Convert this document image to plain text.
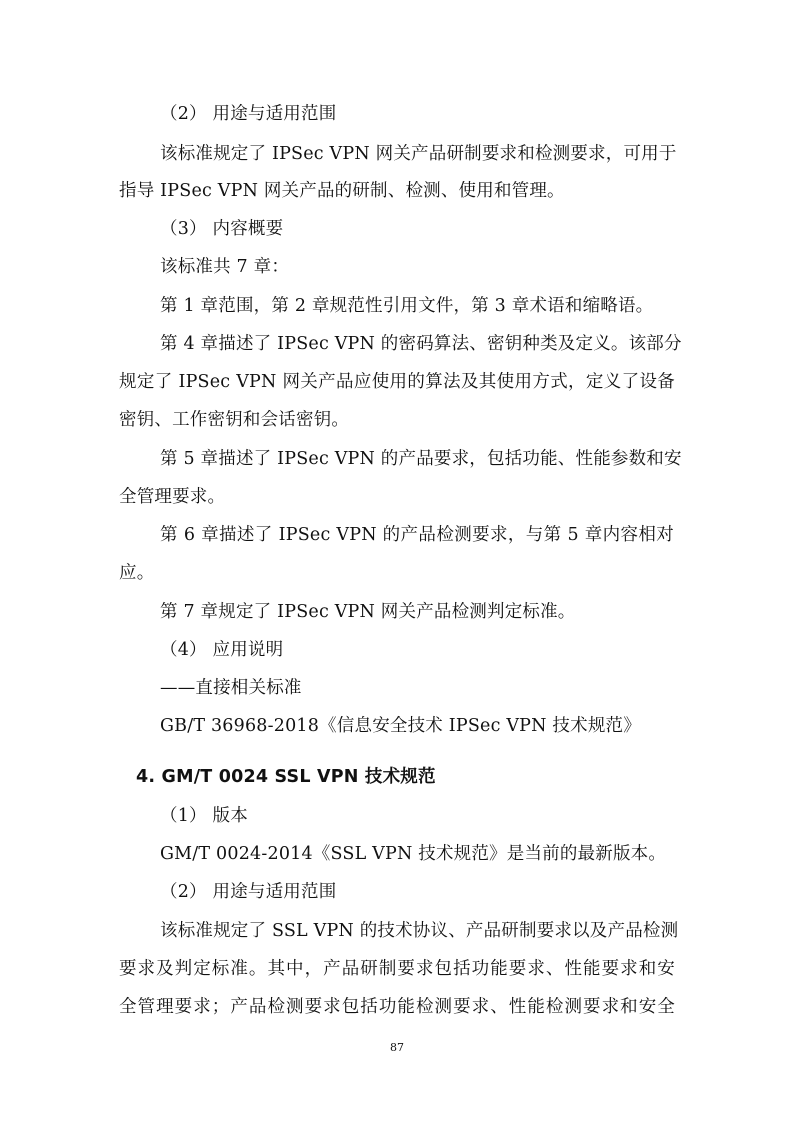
（2） 用途与适用范围
该标准规定了 IPSec VPN 网关产品研制要求和检测要求，可用于
指导 IPSec VPN 网关产品的研制、检测、使用和管理。
（3） 内容概要
该标准共 7 章：
第 1 章范围，第 2 章规范性引用文件，第 3 章术语和缩略语。
第 4 章描述了 IPSec VPN 的密码算法、密钥种类及定义。该部分
规定了 IPSec VPN 网关产品应使用的算法及其使用方式，定义了设备
密钥、工作密钥和会话密钥。
第 5 章描述了 IPSec VPN 的产品要求，包括功能、性能参数和安
全管理要求。
第 6 章描述了 IPSec VPN 的产品检测要求，与第 5 章内容相对
应。
第 7 章规定了 IPSec VPN 网关产品检测判定标准。
（4） 应用说明
——直接相关标准
GB/T 36968-2018《信息安全技术 IPSec VPN 技术规范》
4. GM/T 0024 SSL VPN 技术规范
（1） 版本
GM/T 0024-2014《SSL VPN 技术规范》是当前的最新版本。
（2） 用途与适用范围
该标准规定了 SSL VPN 的技术协议、产品研制要求以及产品检测
要求及判定标准。其中，产品研制要求包括功能要求、性能要求和安
全管理要求；产品检测要求包括功能检测要求、性能检测要求和安全
87
